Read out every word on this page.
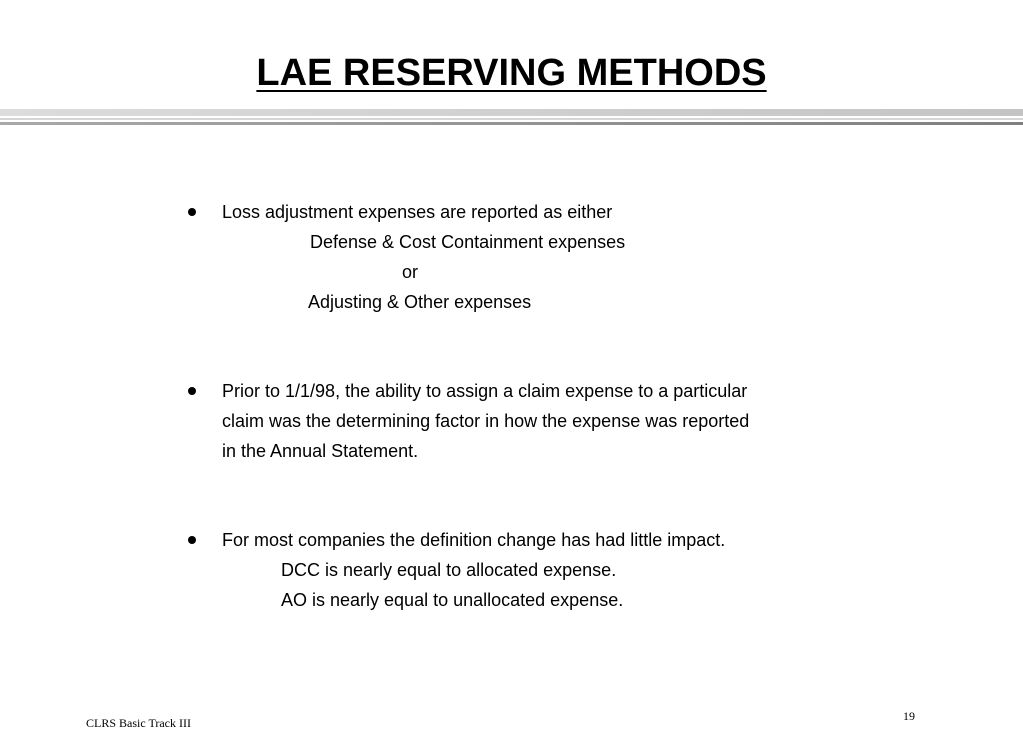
LAE RESERVING METHODS
Loss adjustment expenses are reported as either
Defense & Cost Containment expenses
or
Adjusting & Other expenses
Prior to 1/1/98, the ability to assign a claim expense to a particular
claim was the determining factor in how the expense was reported
in the Annual Statement.
For most companies the definition change has had little impact.
DCC is nearly equal to allocated expense.
AO is nearly equal to unallocated expense.
CLRS Basic Track III	19
